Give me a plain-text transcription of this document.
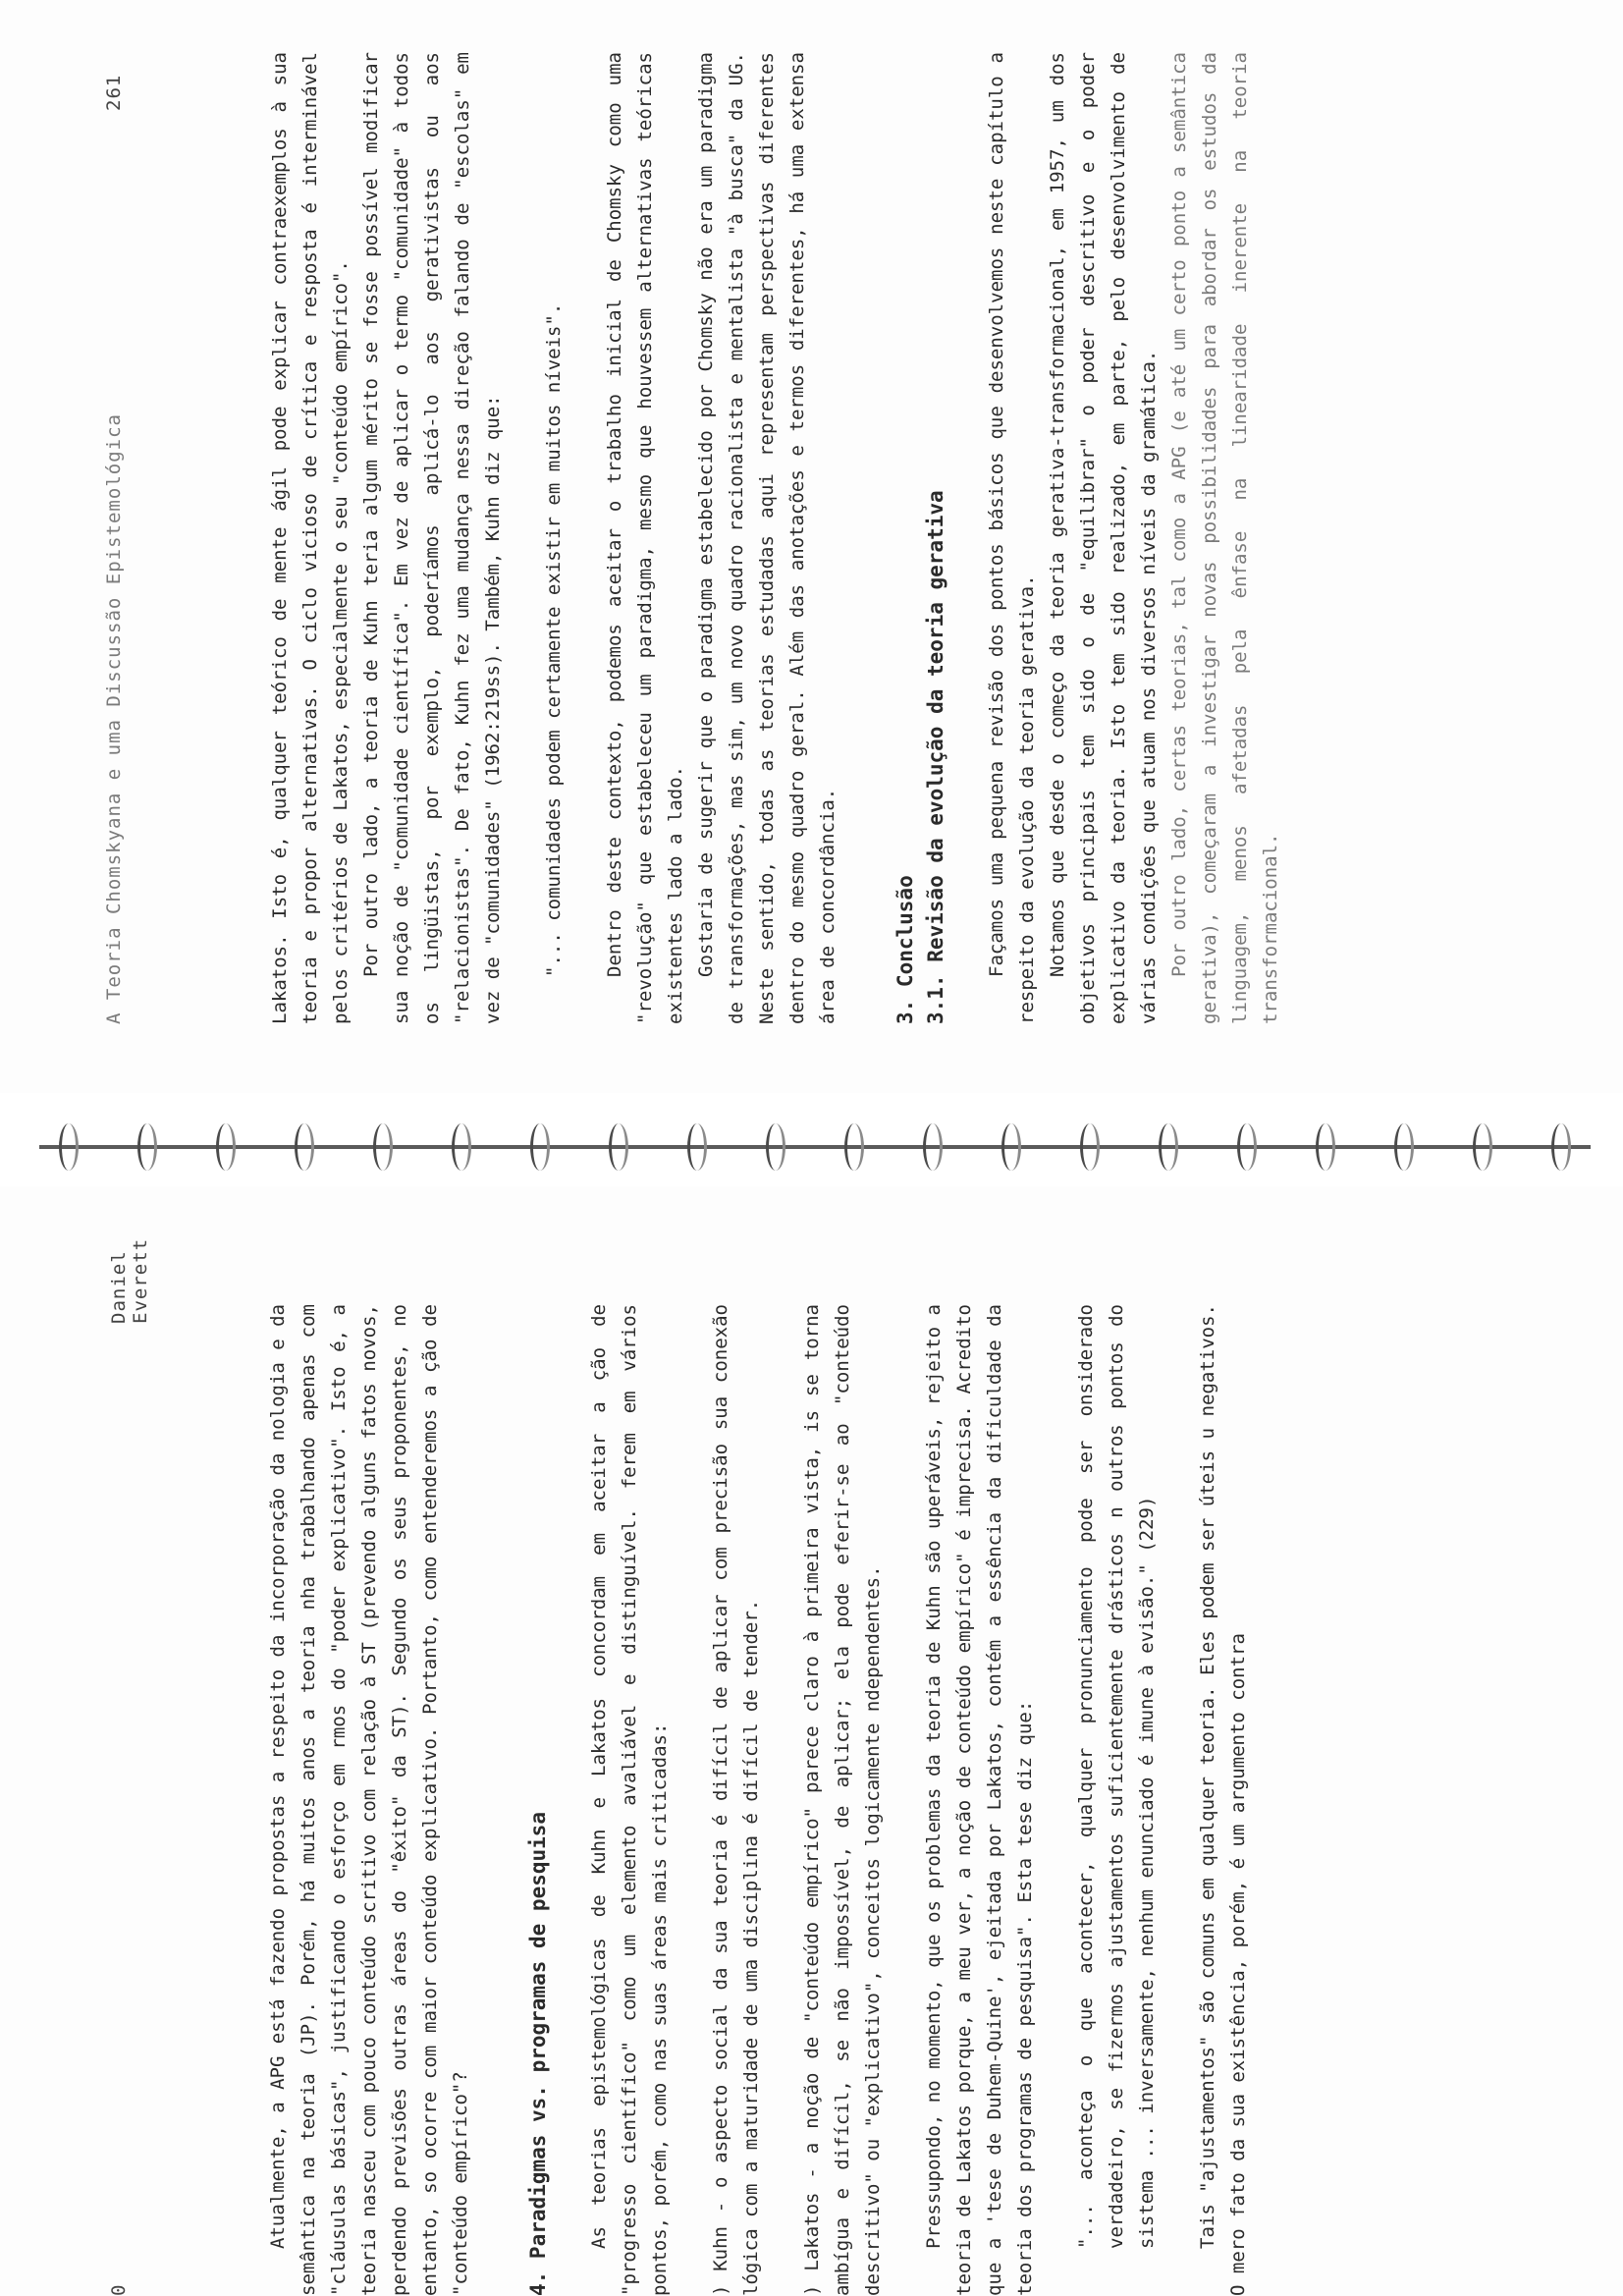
0
Daniel Everett

Atualmente, a APG está fazendo propostas a respeito da incorporação da nologia e da semântica na teoria (JP). Porém, há muitos anos a teoria nha trabalhando apenas com "cláusulas básicas", justificando o esforço em rmos do "poder explicativo". Isto é, a teoria nasceu com pouco conteúdo scritivo com relação à ST (prevendo alguns fatos novos, perdendo previsões outras áreas do "êxito" da ST). Segundo os seus proponentes, no entanto, so ocorre com maior conteúdo explicativo. Portanto, como entenderemos a ção de "conteúdo empírico"?	4. Paradigmas vs. programas de pesquisa As teorias epistemológicas de Kuhn e Lakatos concordam em aceitar a ção de "progresso científico" como um elemento avaliável e distinguível. ferem em vários pontos, porém, como nas suas áreas mais criticadas: ) Kuhn - o aspecto social da sua teoria é difícil de aplicar com precisão sua conexão lógica com a maturidade de uma disciplina é difícil de tender. ) Lakatos - a noção de "conteúdo empírico" parece claro à primeira vista, is se torna ambígua e difícil, se não impossível, de aplicar; ela pode eferir-se ao "conteúdo descritivo" ou "explicativo", conceitos logicamente ndependentes. Pressupondo, no momento, que os problemas da teoria de Kuhn são uperáveis, rejeito a teoria de Lakatos porque, a meu ver, a noção de conteúdo empírico" é imprecisa. Acredito que a 'tese de Duhem-Quine', ejeitada por Lakatos, contém a essência da dificuldade da teoria dos programas de pesquisa". Esta tese diz que: "... aconteça o que acontecer, qualquer pronunciamento pode ser onsiderado verdadeiro, se fizermos ajustamentos suficientemente drásticos n outros pontos do sistema ... inversamente, nenhum enunciado é imune à evisão." (229) Tais "ajustamentos" são comuns em qualquer teoria. Eles podem ser úteis u negativos. O mero fato da sua existência, porém, é um argumento contra

A Teoria Chomskyana e uma Discussão Epistemológica
261	Lakatos. Isto é, qualquer teórico de mente ágil pode explicar contraexemplos à sua teoria e propor alternativas. O ciclo vicioso de crítica e resposta é interminável pelos critérios de Lakatos, especialmente o seu "conteúdo empírico". Por outro lado, a teoria de Kuhn teria algum mérito se fosse possível modificar sua noção de "comunidade científica". Em vez de aplicar o termo "comunidade" à todos os lingüistas, por exemplo, poderíamos aplicá-lo aos gerativistas ou aos "relacionistas". De fato, Kuhn fez uma mudança nessa direção falando de "escolas" em vez de "comunidades" (1962:219ss). Também, Kuhn diz que: "... comunidades podem certamente existir em muitos níveis". Dentro deste contexto, podemos aceitar o trabalho inicial de Chomsky como uma "revolução" que estabeleceu um paradigma, mesmo que houvessem alternativas teóricas existentes lado a lado. Gostaria de sugerir que o paradigma estabelecido por Chomsky não era um paradigma de transformações, mas sim, um novo quadro racionalista e mentalista "à busca" da UG. Neste sentido, todas as teorias estudadas aqui representam perspectivas diferentes dentro do mesmo quadro geral. Além das anotações e termos diferentes, há uma extensa área de concordância.	3. Conclusão 3.1. Revisão da evolução da teoria gerativa Façamos uma pequena revisão dos pontos básicos que desenvolvemos neste capítulo a respeito da evolução da teoria gerativa. Notamos que desde o começo da teoria gerativa-transformacional, em 1957, um dos objetivos principais tem sido o de "equilibrar" o poder descritivo e o poder explicativo da teoria. Isto tem sido realizado, em parte, pelo desenvolvimento de várias condições que atuam nos diversos níveis da gramática. Por outro lado, certas teorias, tal como a APG (e até um certo ponto a semântica gerativa), começaram a investigar novas possibilidades para abordar os estudos da linguagem, menos afetadas pela ênfase na linearidade inerente na teoria transformacional.
